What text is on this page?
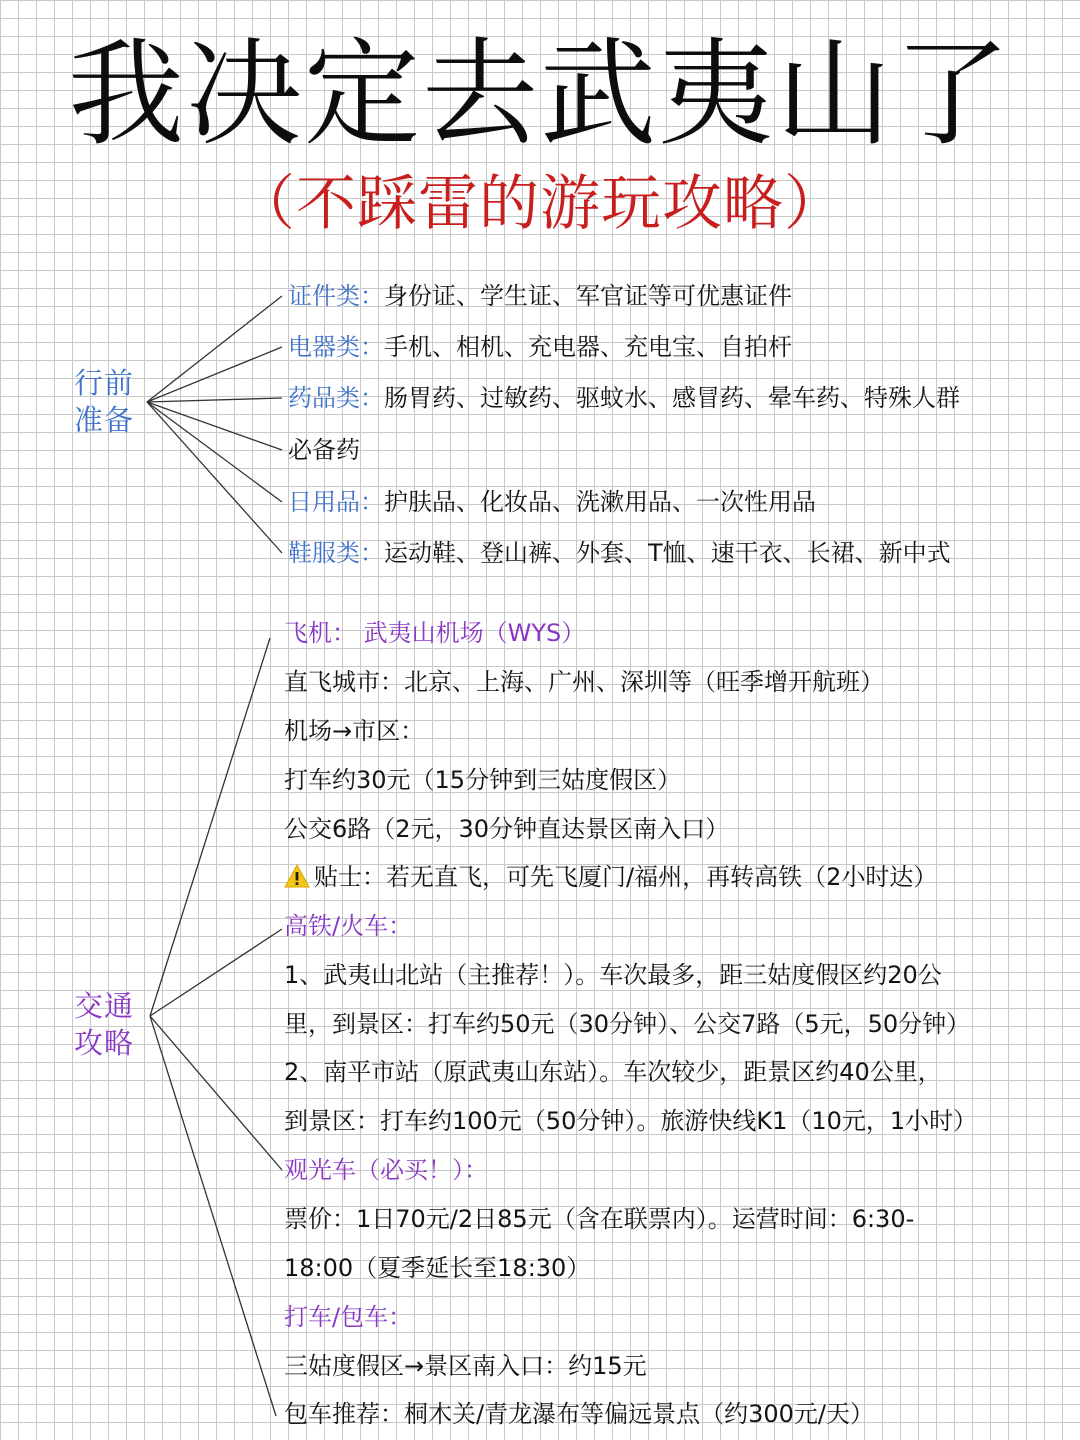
我决定去武夷山了
（不踩雷的游玩攻略）
行前
准备
证件类：身份证、学生证、军官证等可优惠证件
电器类：手机、相机、充电器、充电宝、自拍杆
药品类：肠胃药、过敏药、驱蚊水、感冒药、晕车药、特殊人群
必备药
日用品：护肤品、化妆品、洗漱用品、一次性用品
鞋服类：运动鞋、登山裤、外套、T恤、速干衣、长裙、新中式
交通
攻略
飞机： 武夷山机场（WYS）
直飞城市：北京、上海、广州、深圳等（旺季增开航班）
机场→市区：
打车约30元（15分钟到三姑度假区）
公交6路（2元，30分钟直达景区南入口）
贴士：若无直飞，可先飞厦门/福州，再转高铁（2小时达）
高铁/火车：
1、武夷山北站（主推荐！）。车次最多，距三姑度假区约20公
里，到景区：打车约50元（30分钟）、公交7路（5元，50分钟）
2、南平市站（原武夷山东站）。车次较少，距景区约40公里，
到景区：打车约100元（50分钟）。旅游快线K1（10元，1小时）
观光车（必买！）：
票价：1日70元/2日85元（含在联票内）。运营时间：6:30-
18:00（夏季延长至18:30）
打车/包车：
三姑度假区→景区南入口：约15元
包车推荐：桐木关/青龙瀑布等偏远景点（约300元/天）
